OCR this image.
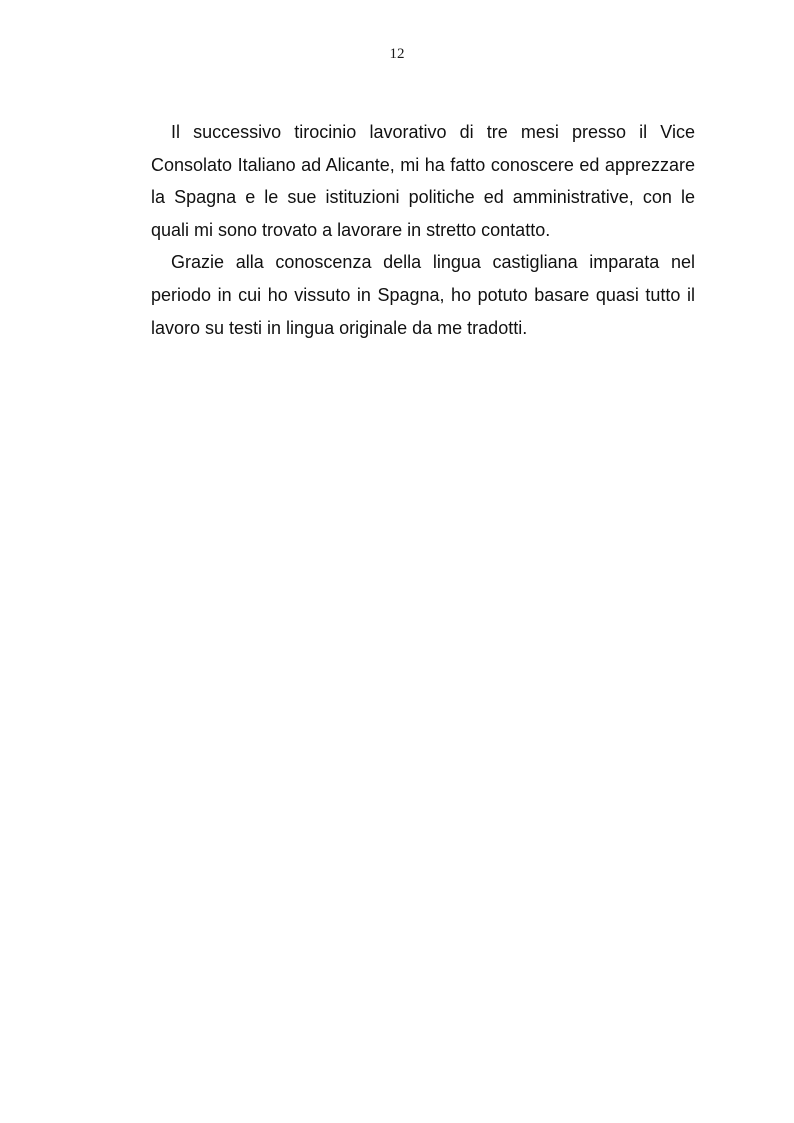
12

Il successivo tirocinio lavorativo di tre mesi presso il Vice Consolato Italiano ad Alicante, mi ha fatto conoscere ed apprezzare la Spagna e le sue istituzioni politiche ed amministrative, con le quali mi sono trovato a lavorare in stretto contatto.

Grazie alla conoscenza della lingua castigliana imparata nel periodo in cui ho vissuto in Spagna, ho potuto basare quasi tutto il lavoro su testi in lingua originale da me tradotti.
